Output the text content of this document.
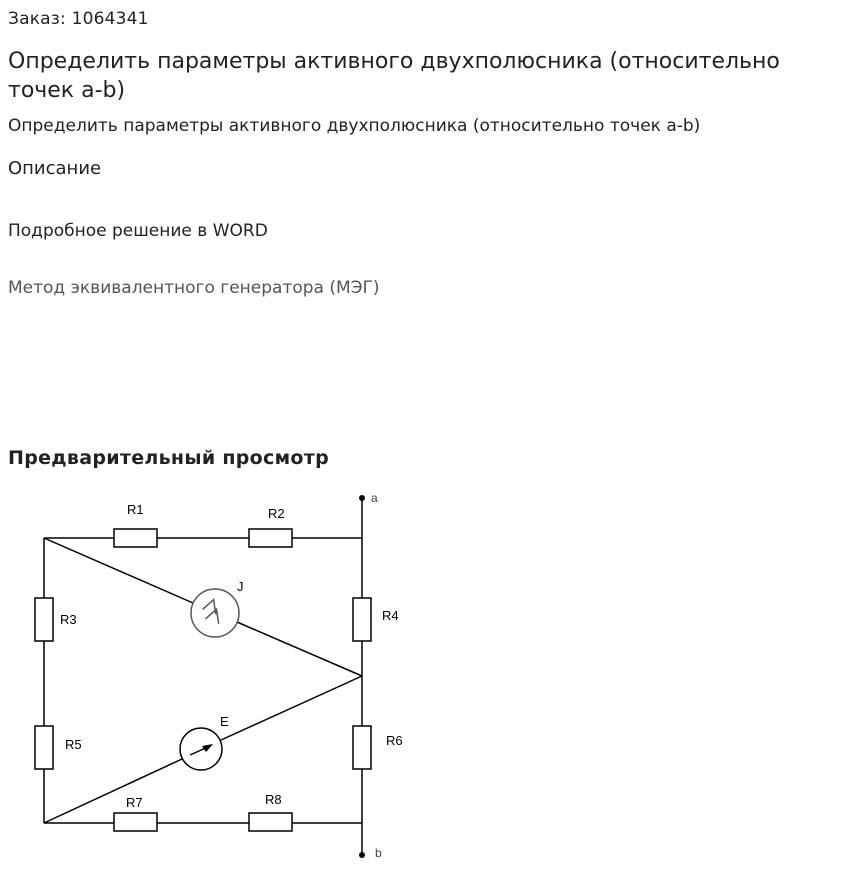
Заказ: 1064341
Определить параметры активного двухполюсника (относительно точек a-b)
Определить параметры активного двухполюсника (относительно точек a-b)
Описание
Подробное решение в WORD
Метод эквивалентного генератора (МЭГ)
Предварительный просмотр
R1	R2
R3	R4
R5	R6
R7	R8
J
E
a
b
